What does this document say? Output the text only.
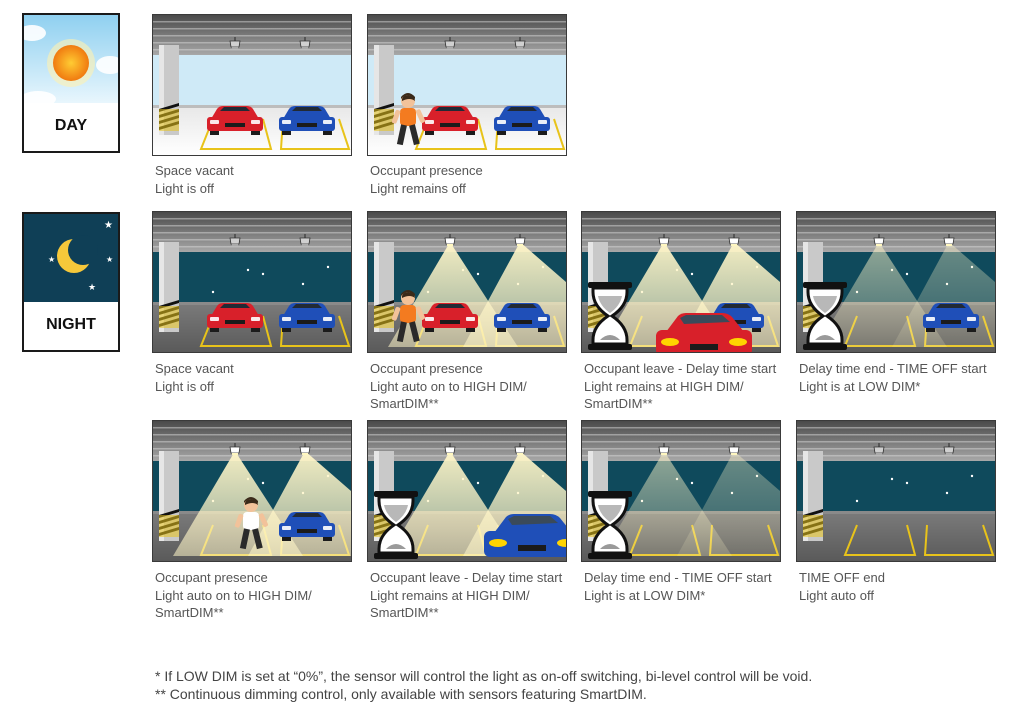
DAY
★
★	★
★
NIGHT
Space vacant
Light is off
Occupant presence
Light remains off
Space vacant
Light is off
Occupant presence
Light auto on to HIGH DIM/
SmartDIM**
Occupant leave - Delay time start
Light remains at HIGH DIM/
SmartDIM**
Delay time end - TIME OFF start
Light is at LOW DIM*
Occupant presence
Light auto on to HIGH DIM/
SmartDIM**
Occupant leave - Delay time start
Light remains at HIGH DIM/
SmartDIM**
Delay time end - TIME OFF start
Light is at LOW DIM*
TIME OFF end
Light auto off
* If LOW DIM is set at “0%”, the sensor will control the light as on-off switching, bi-level control will be void.
** Continuous dimming control, only available with sensors featuring SmartDIM.
